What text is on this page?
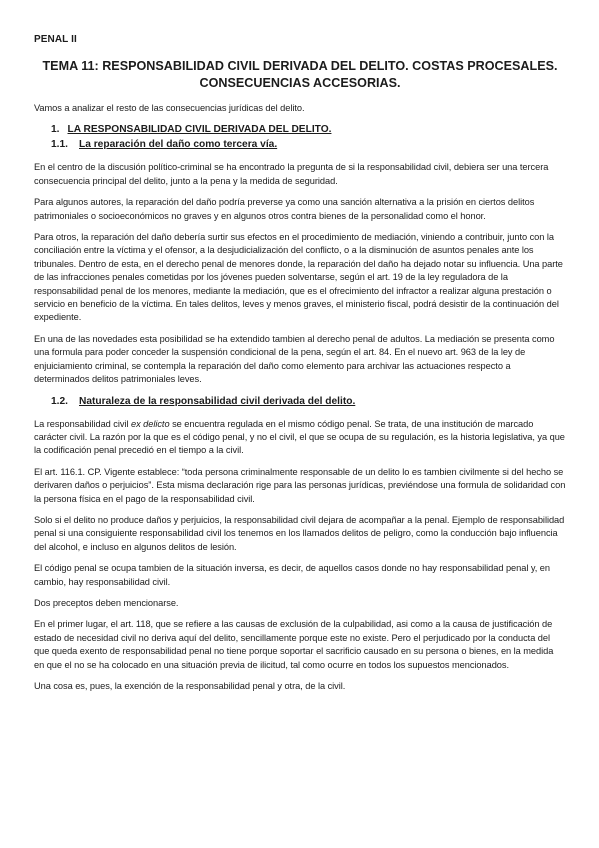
PENAL II
TEMA 11: RESPONSABILIDAD CIVIL DERIVADA DEL DELITO. COSTAS PROCESALES.
CONSECUENCIAS ACCESORIAS.

Vamos a analizar el resto de las consecuencias jurídicas del delito.

1. LA RESPONSABILIDAD CIVIL DERIVADA DEL DELITO.
1.1. La reparación del daño como tercera vía.

En el centro de la discusión político-criminal se ha encontrado la pregunta de si la responsabilidad civil, debiera ser una tercera consecuencia principal del delito, junto a la pena y la medida de seguridad.

Para algunos autores, la reparación del daño podría preverse ya como una sanción alternativa a la prisión en ciertos delitos patrimoniales o socioeconómicos no graves y en algunos otros contra bienes de la personalidad como el honor.

Para otros, la reparación del daño debería surtir sus efectos en el procedimiento de mediación, viniendo a contribuir, junto con la conciliación entre la víctima y el ofensor, a la desjudicialización del conflicto, o a la disminución de asuntos penales ante los tribunales. Dentro de esta, en el derecho penal de menores donde, la reparación del daño ha dejado notar su influencia. Una parte de las infracciones penales cometidas por los jóvenes pueden solventarse, según el art. 19 de la ley reguladora de la responsabilidad penal de los menores, mediante la mediación, que es el ofrecimiento del infractor a realizar alguna prestación o servicio en beneficio de la víctima. En tales delitos, leves y menos graves, el ministerio fiscal, podrá desistir de la continuación del expediente.

En una de las novedades esta posibilidad se ha extendido tambien al derecho penal de adultos. La mediación se presenta como una formula para poder conceder la suspensión condicional de la pena, según el art. 84. En el nuevo art. 963 de la ley de enjuiciamiento criminal, se contempla la reparación del daño como elemento para archivar las actuaciones respecto a determinados delitos patrimoniales leves.

1.2. Naturaleza de la responsabilidad civil derivada del delito.

La responsabilidad civil ex delicto se encuentra regulada en el mismo código penal. Se trata, de una institución de marcado carácter civil. La razón por la que es el código penal, y no el civil, el que se ocupa de su regulación, es la historia legislativa, ya que la codificación penal precedió en el tiempo a la civil.

El art. 116.1. CP. Vigente establece: “toda persona criminalmente responsable de un delito lo es tambien civilmente si del hecho se derivaren daños o perjuicios”. Esta misma declaración rige para las personas jurídicas, previéndose una formula de solidaridad con la persona física en el pago de la responsabilidad civil.

Solo si el delito no produce daños y perjuicios, la responsabilidad civil dejara de acompañar a la penal. Ejemplo de responsabilidad penal si una consiguiente responsabilidad civil los tenemos en los llamados delitos de peligro, como la conducción bajo influencia del alcohol, e incluso en algunos delitos de lesión.

El código penal se ocupa tambien de la situación inversa, es decir, de aquellos casos donde no hay responsabilidad penal y, en cambio, hay responsabilidad civil.

Dos preceptos deben mencionarse.

En el primer lugar, el art. 118, que se refiere a las causas de exclusión de la culpabilidad, asi como a la causa de justificación de estado de necesidad civil no deriva aquí del delito, sencillamente porque este no existe. Pero el perjudicado por la conducta del que queda exento de responsabilidad penal no tiene porque soportar el sacrificio causado en su persona o bienes, en la medida en que el no se ha colocado en una situación previa de ilicitud, tal como ocurre en todos los supuestos mencionados.

Una cosa es, pues, la exención de la responsabilidad penal y otra, de la civil.
